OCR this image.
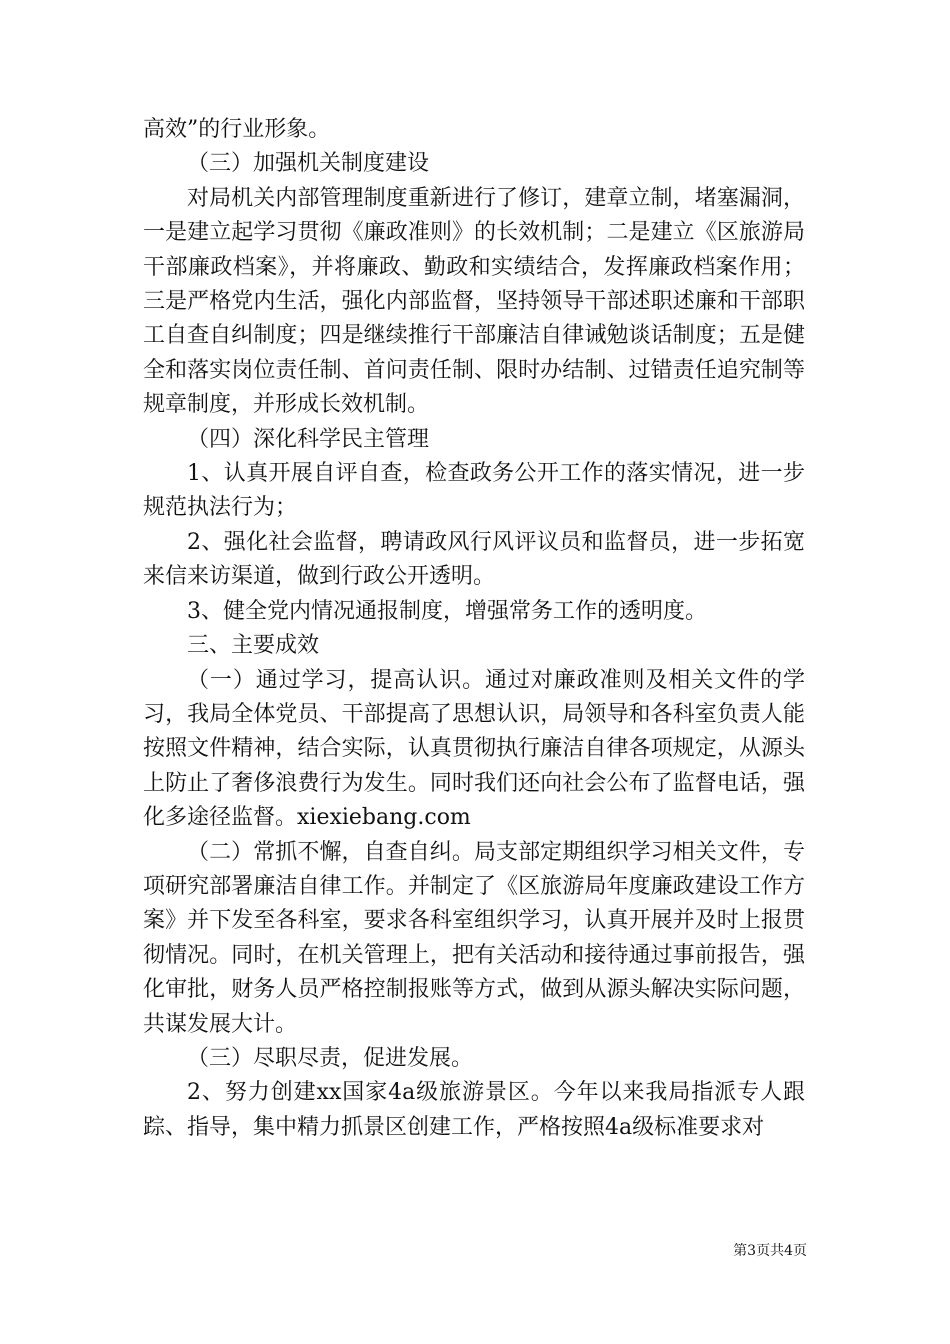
高效”的行业形象。

（三）加强机关制度建设

对局机关内部管理制度重新进行了修订，建章立制，堵塞漏洞，一是建立起学习贯彻《廉政准则》的长效机制；二是建立《区旅游局干部廉政档案》，并将廉政、勤政和实绩结合，发挥廉政档案作用；三是严格党内生活，强化内部监督，坚持领导干部述职述廉和干部职工自查自纠制度；四是继续推行干部廉洁自律诫勉谈话制度；五是健全和落实岗位责任制、首问责任制、限时办结制、过错责任追究制等规章制度，并形成长效机制。

（四）深化科学民主管理

1、认真开展自评自查，检查政务公开工作的落实情况，进一步规范执法行为；

2、强化社会监督，聘请政风行风评议员和监督员，进一步拓宽来信来访渠道，做到行政公开透明。

3、健全党内情况通报制度，增强常务工作的透明度。

三、主要成效

（一）通过学习，提高认识。通过对廉政准则及相关文件的学习，我局全体党员、干部提高了思想认识，局领导和各科室负责人能按照文件精神，结合实际，认真贯彻执行廉洁自律各项规定，从源头上防止了奢侈浪费行为发生。同时我们还向社会公布了监督电话，强化多途径监督。xiexiebang.com

（二）常抓不懈，自查自纠。局支部定期组织学习相关文件，专项研究部署廉洁自律工作。并制定了《区旅游局年度廉政建设工作方案》并下发至各科室，要求各科室组织学习，认真开展并及时上报贯彻情况。同时，在机关管理上，把有关活动和接待通过事前报告，强化审批，财务人员严格控制报账等方式，做到从源头解决实际问题，共谋发展大计。

（三）尽职尽责，促进发展。

2、努力创建xx国家4a级旅游景区。今年以来我局指派专人跟踪、指导，集中精力抓景区创建工作，严格按照4a级标准要求对

第3页共4页
